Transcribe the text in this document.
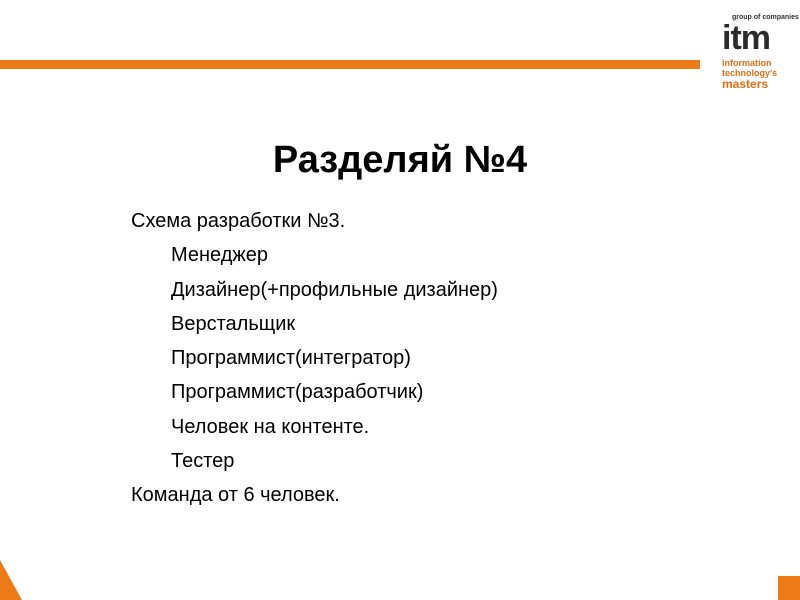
group of companies
itm
information
technology's
masters
Разделяй №4
Схема разработки №3.
Менеджер
Дизайнер(+профильные дизайнер)
Верстальщик
Программист(интегратор)
Программист(разработчик)
Человек на контенте.
Тестер
Команда от 6 человек.
